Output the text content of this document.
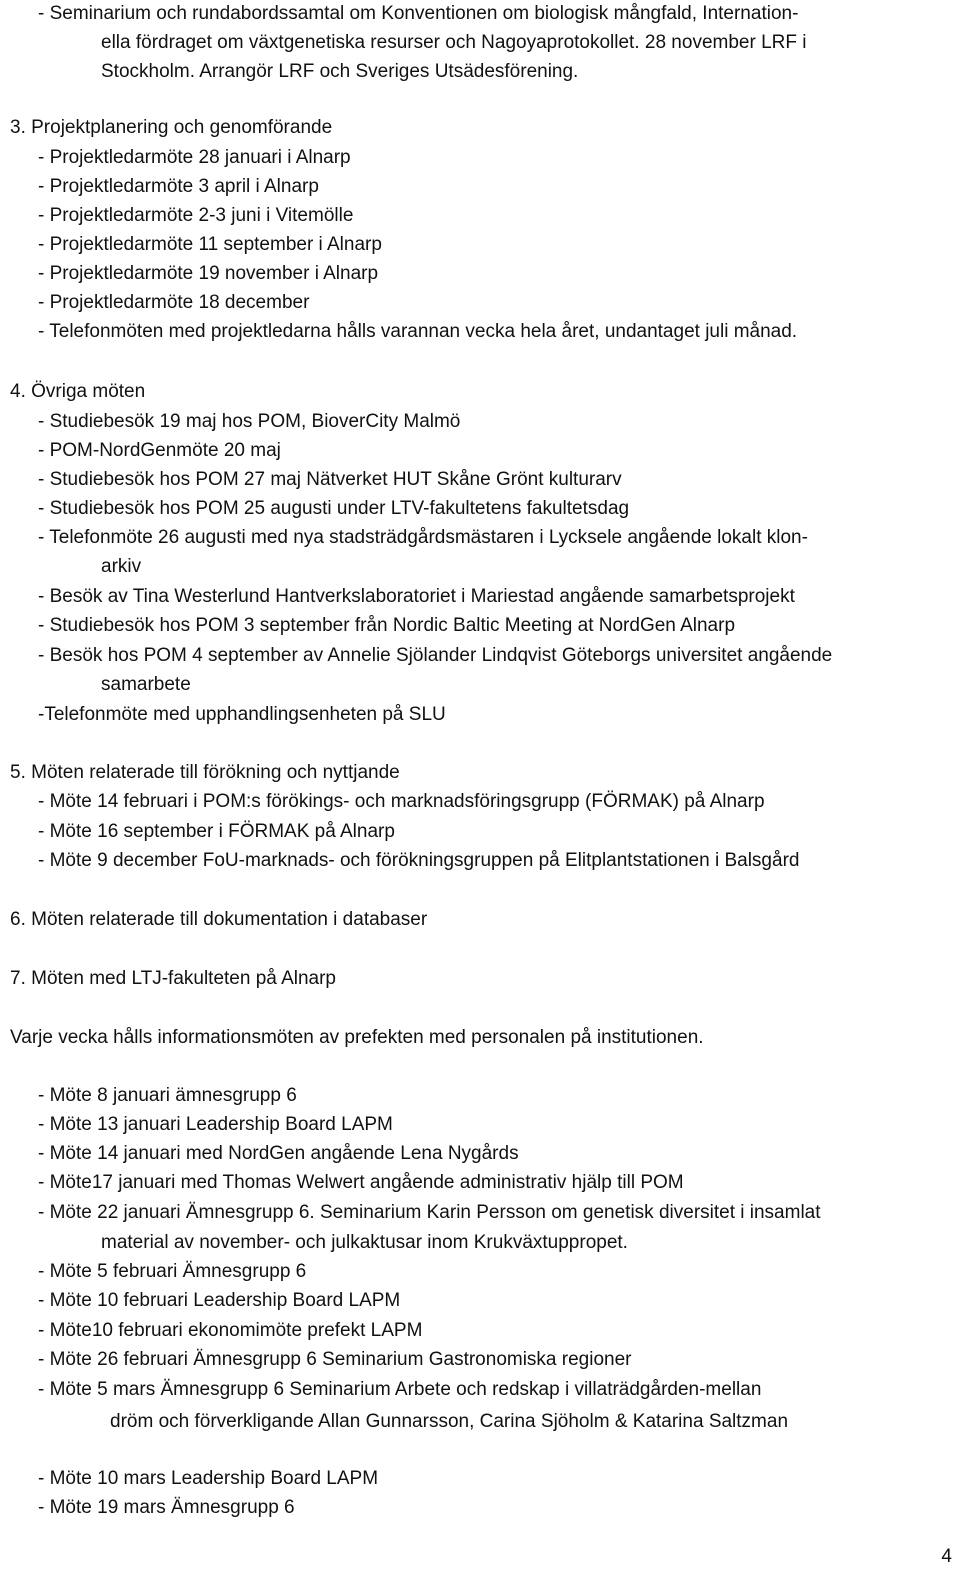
- Seminarium och rundabordssamtal om Konventionen om biologisk mångfald, Internation-
ella fördraget om växtgenetiska resurser och Nagoyaprotokollet. 28 november LRF i
Stockholm. Arrangör LRF och Sveriges Utsädesförening.
3. Projektplanering och genomförande
- Projektledarmöte 28 januari i Alnarp
- Projektledarmöte 3 april i Alnarp
- Projektledarmöte 2-3 juni i Vitemölle
- Projektledarmöte 11 september i Alnarp
- Projektledarmöte 19 november i Alnarp
- Projektledarmöte 18 december
- Telefonmöten med projektledarna hålls varannan vecka hela året, undantaget juli månad.
4. Övriga möten
- Studiebesök 19 maj hos POM, BioverCity Malmö
- POM-NordGenmöte 20 maj
- Studiebesök hos POM 27 maj Nätverket HUT Skåne Grönt kulturarv
- Studiebesök hos POM 25 augusti under LTV-fakultetens fakultetsdag
- Telefonmöte 26 augusti med nya stadsträdgårdsmästaren i Lycksele angående lokalt klon-
arkiv
- Besök av Tina Westerlund Hantverkslaboratoriet i Mariestad angående samarbetsprojekt
- Studiebesök hos POM 3 september från Nordic Baltic Meeting at NordGen Alnarp
- Besök hos POM 4 september av Annelie Sjölander Lindqvist Göteborgs universitet angående
samarbete
-Telefonmöte med upphandlingsenheten på SLU
5. Möten relaterade till förökning och nyttjande
- Möte 14 februari i POM:s förökings- och marknadsföringsgrupp (FÖRMAK) på Alnarp
- Möte 16 september i FÖRMAK på Alnarp
- Möte 9 december FoU-marknads- och förökningsgruppen på Elitplantstationen i Balsgård
6. Möten relaterade till dokumentation i databaser
7. Möten med LTJ-fakulteten på Alnarp
Varje vecka hålls informationsmöten av prefekten med personalen på institutionen.
- Möte 8 januari ämnesgrupp 6
- Möte 13 januari Leadership Board LAPM
- Möte 14 januari med NordGen angående Lena Nygårds
- Möte17 januari med Thomas Welwert angående administrativ hjälp till POM
- Möte 22 januari Ämnesgrupp 6. Seminarium Karin Persson om genetisk diversitet i insamlat
material av november- och julkaktusar inom Krukväxtuppropet.
- Möte 5 februari Ämnesgrupp 6
- Möte 10 februari Leadership Board LAPM
- Möte10 februari ekonomimöte prefekt LAPM
- Möte 26 februari Ämnesgrupp 6 Seminarium Gastronomiska regioner
- Möte 5 mars Ämnesgrupp 6 Seminarium Arbete och redskap i villaträdgården-mellan
dröm och förverkligande Allan Gunnarsson, Carina Sjöholm & Katarina Saltzman
- Möte 10 mars Leadership Board LAPM
- Möte 19 mars Ämnesgrupp 6
4
